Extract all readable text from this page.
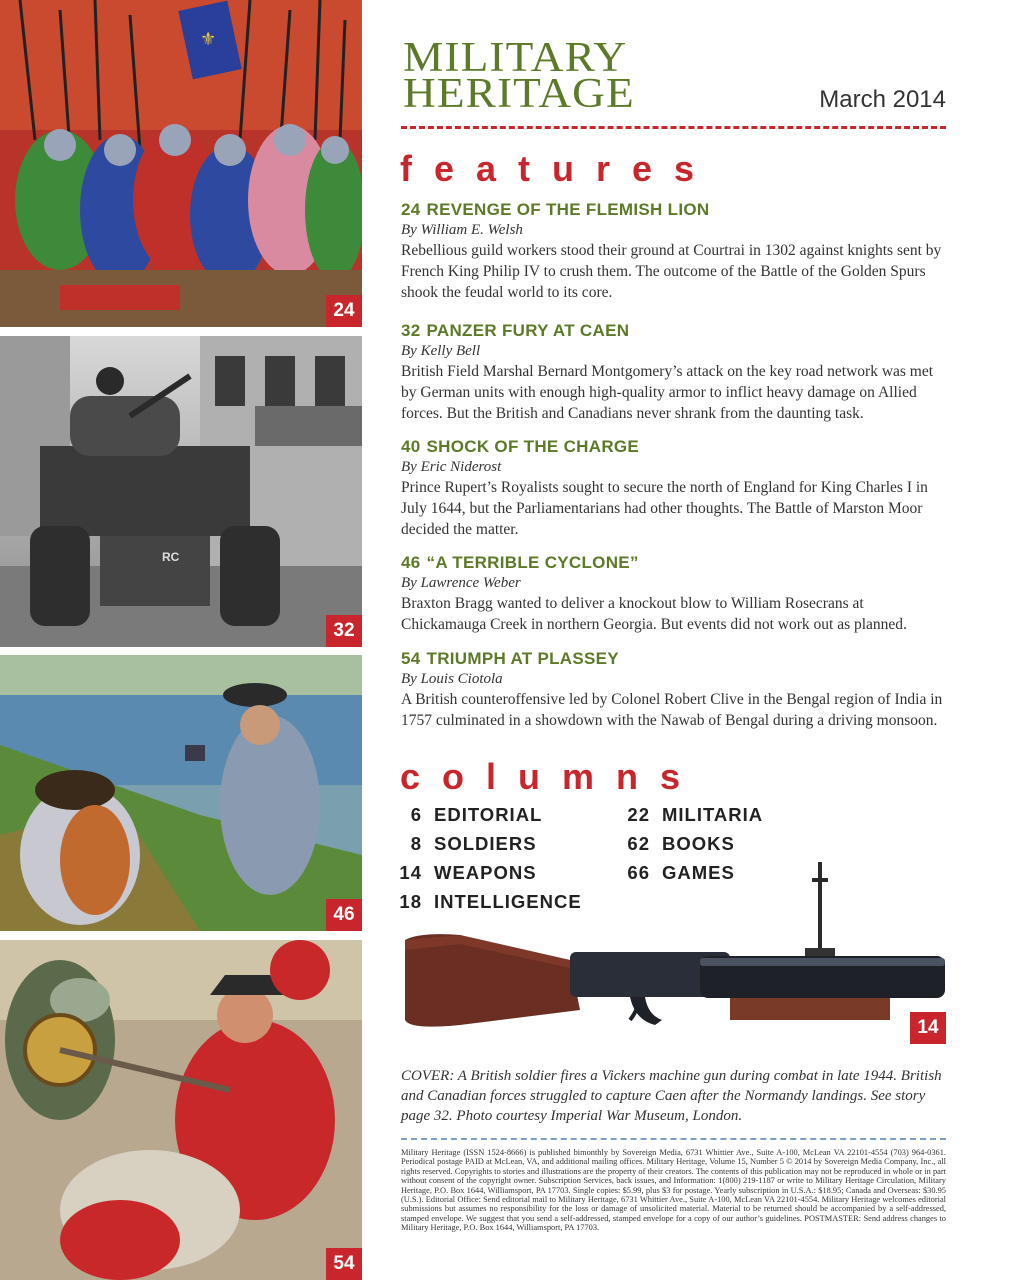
⚜
24
RC
32
46
54
MILITARY
HERITAGE	March 2014
features
24 REVENGE OF THE FLEMISH LION
By William E. Welsh
Rebellious guild workers stood their ground at Courtrai in 1302 against knights sent by French King Philip IV to crush them. The outcome of the Battle of the Golden Spurs shook the feudal world to its core.
32 PANZER FURY AT CAEN
By Kelly Bell
British Field Marshal Bernard Montgomery’s attack on the key road network was met by German units with enough high-quality armor to inflict heavy damage on Allied forces. But the British and Canadians never shrank from the daunting task.
40 SHOCK OF THE CHARGE
By Eric Niderost
Prince Rupert’s Royalists sought to secure the north of England for King Charles I in July 1644, but the Parliamentarians had other thoughts. The Battle of Marston Moor decided the matter.
46 “A TERRIBLE CYCLONE”
By Lawrence Weber
Braxton Bragg wanted to deliver a knockout blow to William Rosecrans at Chickamauga Creek in northern Georgia. But events did not work out as planned.
54 TRIUMPH AT PLASSEY
By Louis Ciotola
A British counteroffensive led by Colonel Robert Clive in the Bengal region of India in 1757 culminated in a showdown with the Nawab of Bengal during a driving monsoon.
columns
6 EDITORIAL
8 SOLDIERS
14 WEAPONS
18 INTELLIGENCE
22 MILITARIA
62 BOOKS
66 GAMES
14
COVER: A British soldier fires a Vickers machine gun during combat in late 1944. British and Canadian forces struggled to capture Caen after the Normandy landings. See story page 32. Photo courtesy Imperial War Museum, London.
Military Heritage (ISSN 1524-8666) is published bimonthly by Sovereign Media, 6731 Whittier Ave., Suite A-100, McLean VA 22101-4554 (703) 964-0361. Periodical postage PAID at McLean, VA, and additional mailing offices. Military Heritage, Volume 15, Number 5 © 2014 by Sovereign Media Company, Inc., all rights reserved. Copyrights to stories and illustrations are the property of their creators. The contents of this publication may not be reproduced in whole or in part without consent of the copyright owner. Subscription Services, back issues, and Information: 1(800) 219-1187 or write to Military Heritage Circulation, Military Heritage, P.O. Box 1644, Williamsport, PA 17703. Single copies: $5.99, plus $3 for postage. Yearly subscription in U.S.A.: $18.95; Canada and Overseas: $30.95 (U.S.). Editorial Office: Send editorial mail to Military Heritage, 6731 Whittier Ave., Suite A-100, McLean VA 22101-4554. Military Heritage welcomes editorial submissions but assumes no responsibility for the loss or damage of unsolicited material. Material to be returned should be accompanied by a self-addressed, stamped envelope. We suggest that you send a self-addressed, stamped envelope for a copy of our author’s guidelines. POSTMASTER: Send address changes to Military Heritage, P.O. Box 1644, Williamsport, PA 17703.
